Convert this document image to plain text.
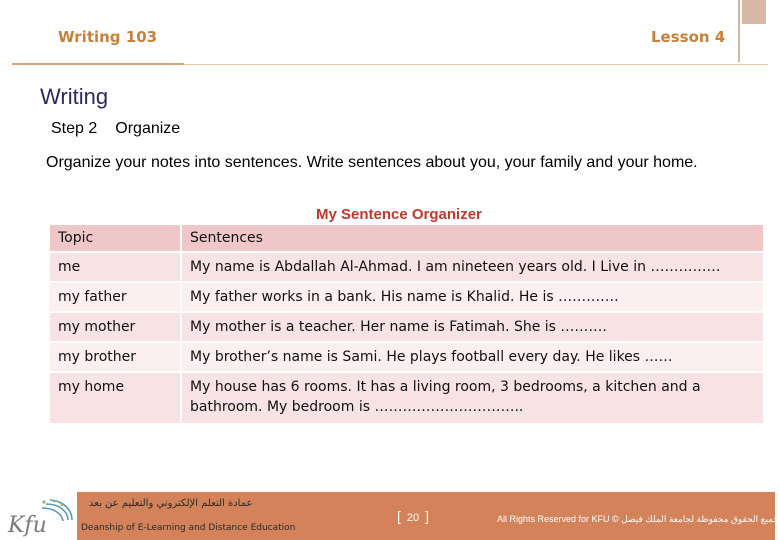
Writing 103	Lesson 4
Writing
Step 2 Organize
Organize your notes into sentences. Write sentences about you, your family and your home.
My Sentence Organizer
Topic	Sentences
me	My name is Abdallah Al-Ahmad. I am nineteen years old. I Live in ……………
my father	My father works in a bank. His name is Khalid. He is ………….
my mother	My mother is a teacher. Her name is Fatimah. She is ……….
my brother	My brother’s name is Sami. He plays football every day. He likes ……
my home	My house has 6 rooms. It has a living room, 3 bedrooms, a kitchen and a bathroom. My bedroom is …………………………..
Kfu
عمادة التعلم الإلكتروني والتعليم عن بعد
Deanship of E-Learning and Distance Education
[ 20 ]	All Rights Reserved for KFU © جميع الحقوق محفوظة لجامعة الملك فيصل
